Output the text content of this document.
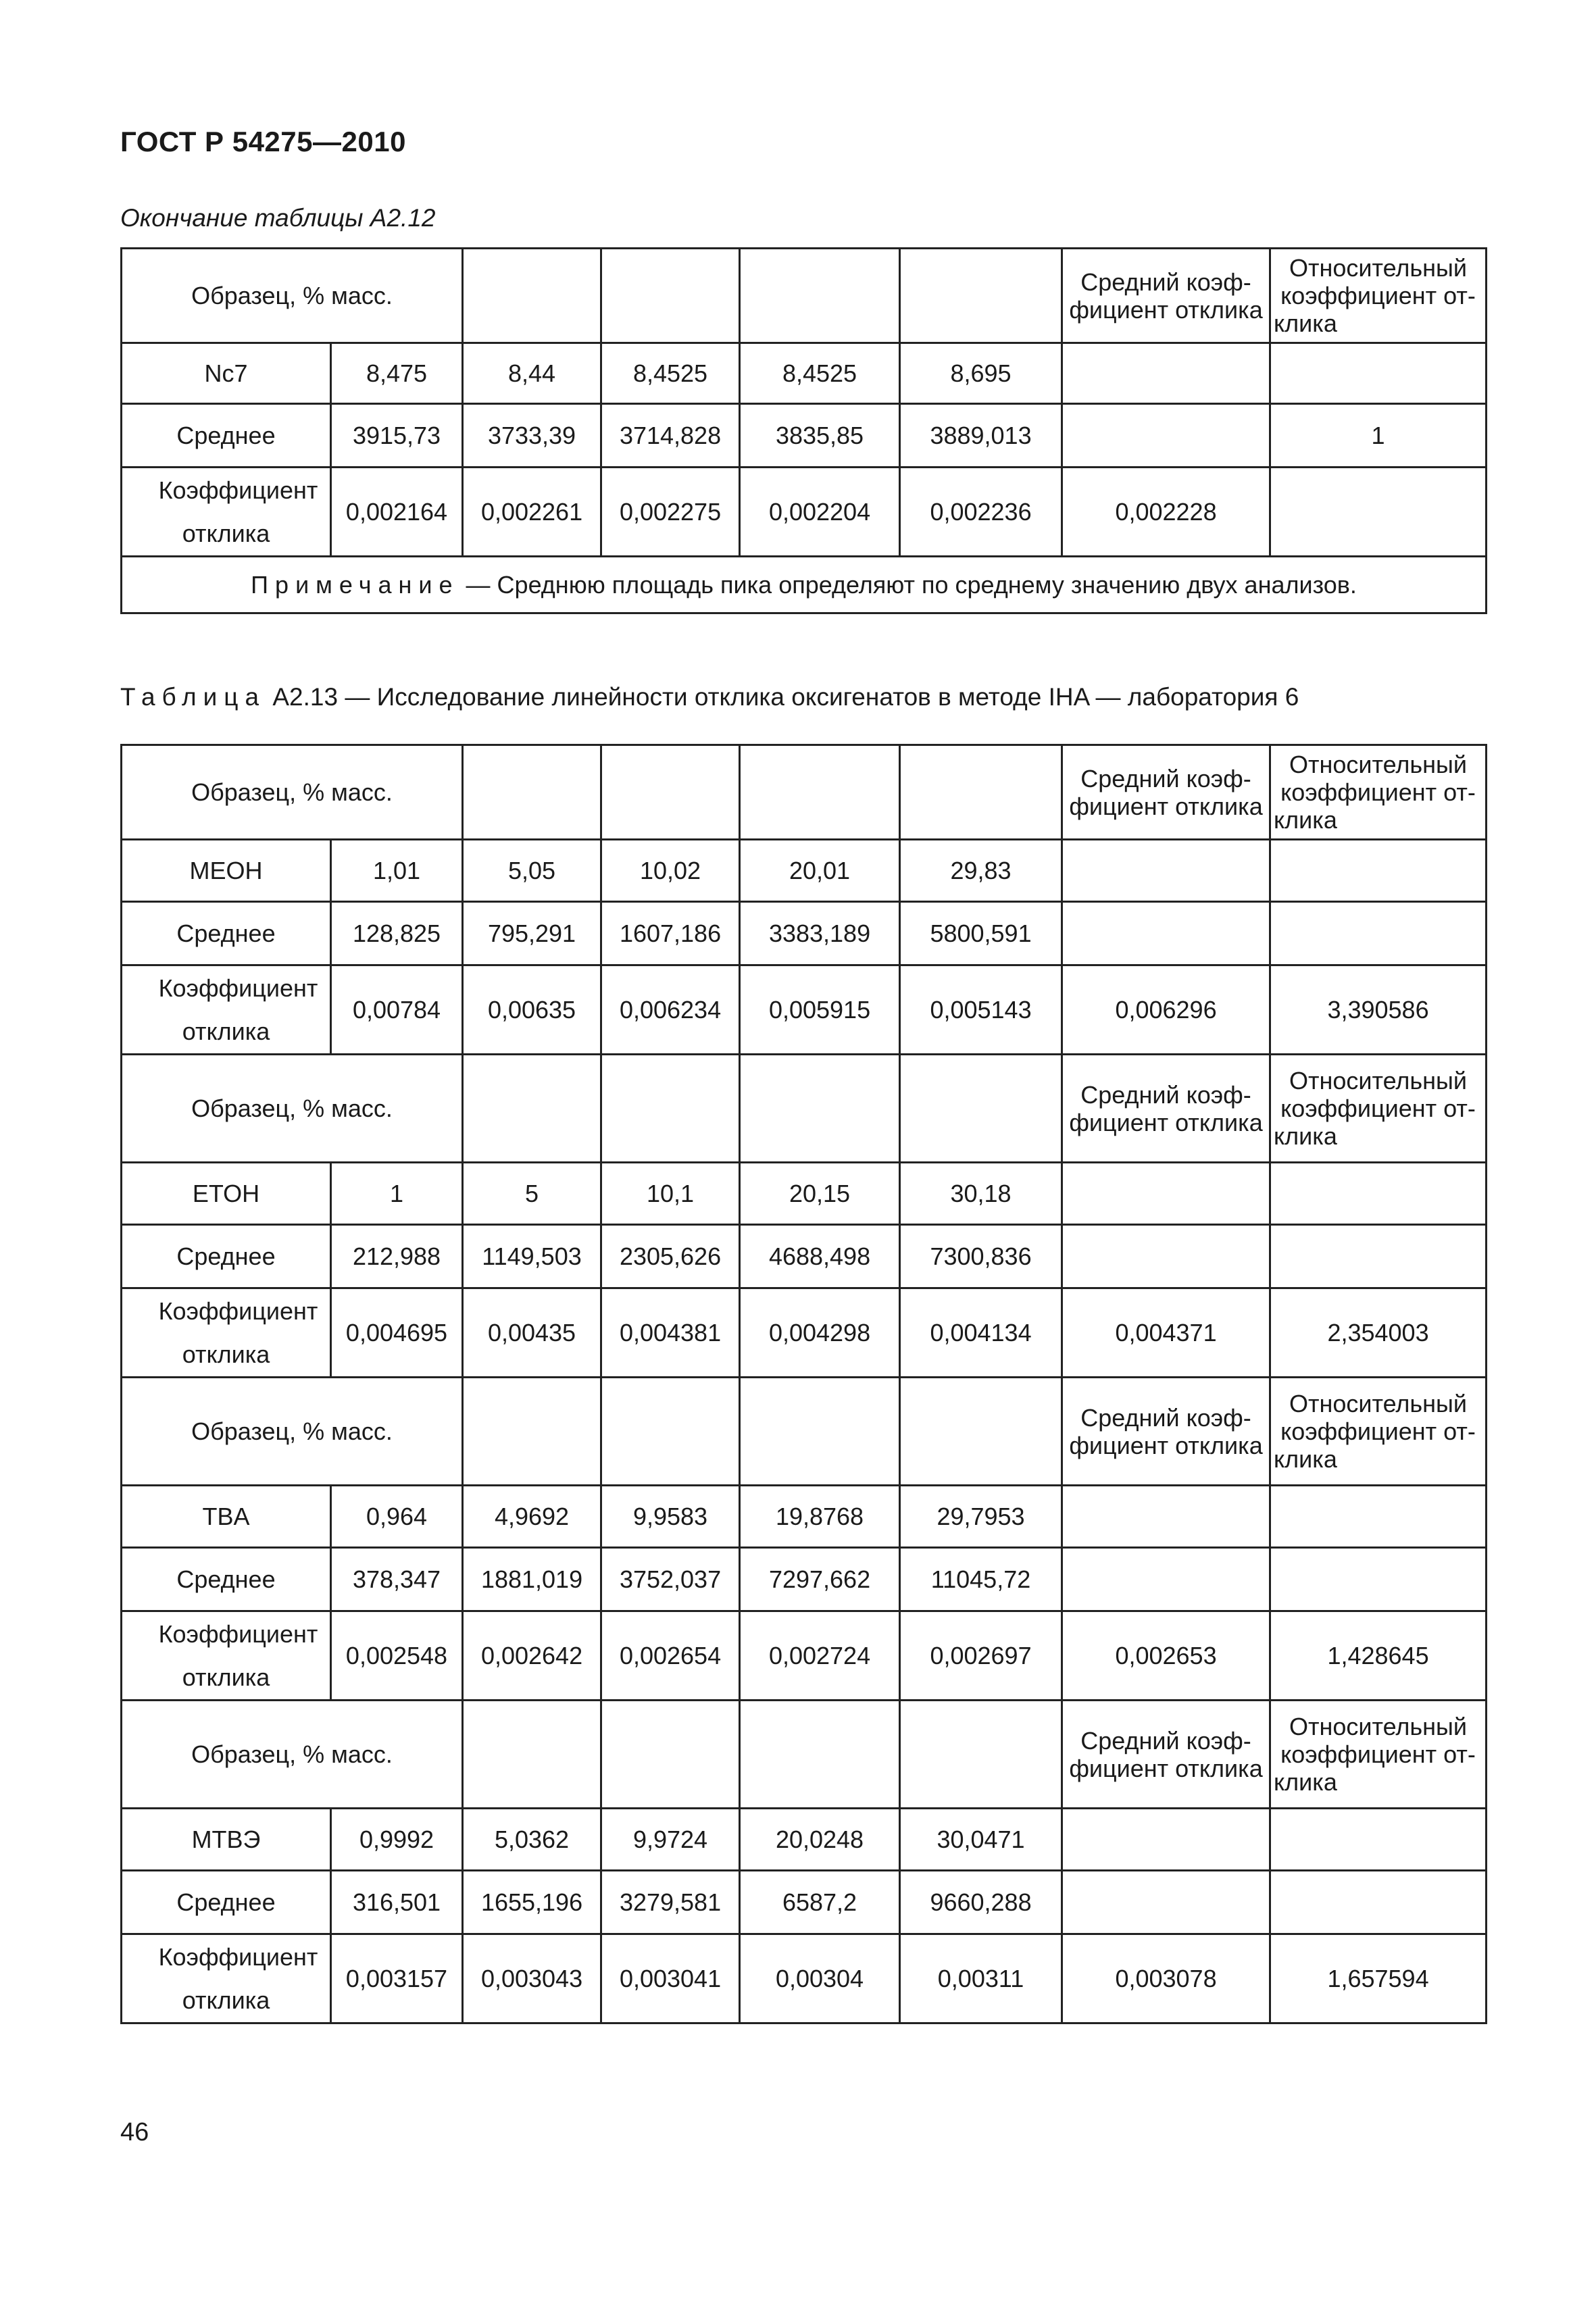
ГОСТ Р 54275—2010
Окончание таблицы А2.12
Образец, % масс.						Средний коэф-фициент отклика	Относительный коэффициент от-клика
Nc7	8,475	8,44	8,4525	8,4525	8,695		
Среднее	3915,73	3733,39	3714,828	3835,85	3889,013		1

Коэффициент
отклика	0,002164	0,002261	0,002275	0,002204	0,002236	0,002228	
Примечание — Среднюю площадь пика определяют по среднему значению двух анализов.							
Таблица А2.13 — Исследование линейности отклика оксигенатов в методе IHA — лаборатория 6
Образец, % масс.						Средний коэф-фициент отклика	Относительный коэффициент от-клика
MEOH	1,01	5,05	10,02	20,01	29,83		
Среднее	128,825	795,291	1607,186	3383,189	5800,591		

Коэффициент
отклика	0,00784	0,00635	0,006234	0,005915	0,005143	0,006296	3,390586
Образец, % масс.						Средний коэф-фициент отклика	Относительный коэффициент от-клика
ETOH	1	5	10,1	20,15	30,18		
Среднее	212,988	1149,503	2305,626	4688,498	7300,836		

Коэффициент
отклика	0,004695	0,00435	0,004381	0,004298	0,004134	0,004371	2,354003
Образец, % масс.						Средний коэф-фициент отклика	Относительный коэффициент от-клика
TBA	0,964	4,9692	9,9583	19,8768	29,7953		
Среднее	378,347	1881,019	3752,037	7297,662	11045,72		

Коэффициент
отклика	0,002548	0,002642	0,002654	0,002724	0,002697	0,002653	1,428645
Образец, % масс.						Средний коэф-фициент отклика	Относительный коэффициент от-клика
МТВЭ	0,9992	5,0362	9,9724	20,0248	30,0471		
Среднее	316,501	1655,196	3279,581	6587,2	9660,288		

Коэффициент
отклика	0,003157	0,003043	0,003041	0,00304	0,00311	0,003078	1,657594
46
